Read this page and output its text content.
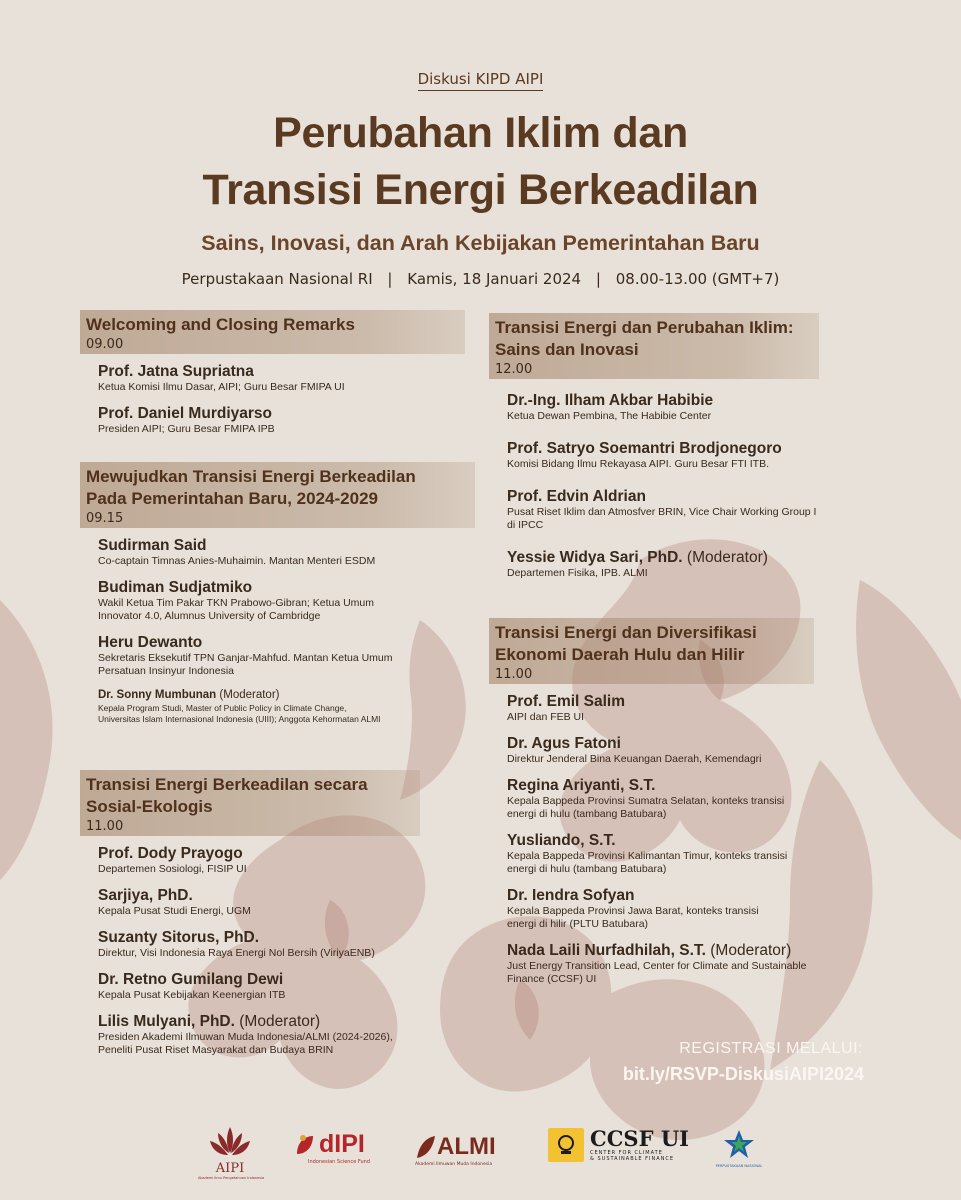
Diskusi KIPD AIPI
Perubahan Iklim dan
Transisi Energi Berkeadilan
Sains, Inovasi, dan Arah Kebijakan Pemerintahan Baru
Perpustakaan Nasional RI | Kamis, 18 Januari 2024 | 08.00-13.00 (GMT+7)
Welcoming and Closing Remarks
09.00
Prof. Jatna Supriatna
Ketua Komisi Ilmu Dasar, AIPI; Guru Besar FMIPA UI
Prof. Daniel Murdiyarso
Presiden AIPI; Guru Besar FMIPA IPB
Mewujudkan Transisi Energi Berkeadilan
Pada Pemerintahan Baru, 2024-2029
09.15
Sudirman Said
Co-captain Timnas Anies-Muhaimin. Mantan Menteri ESDM
Budiman Sudjatmiko
Wakil Ketua Tim Pakar TKN Prabowo-Gibran; Ketua Umum
Innovator 4.0, Alumnus University of Cambridge
Heru Dewanto
Sekretaris Eksekutif TPN Ganjar-Mahfud. Mantan Ketua Umum
Persatuan Insinyur Indonesia
Dr. Sonny Mumbunan (Moderator)
Kepala Program Studi, Master of Public Policy in Climate Change,
Universitas Islam Internasional Indonesia (UIII); Anggota Kehormatan ALMI
Transisi Energi Berkeadilan secara
Sosial-Ekologis
11.00
Prof. Dody Prayogo
Departemen Sosiologi, FISIP UI
Sarjiya, PhD.
Kepala Pusat Studi Energi, UGM
Suzanty Sitorus, PhD.
Direktur, Visi Indonesia Raya Energi Nol Bersih (ViriyaENB)
Dr. Retno Gumilang Dewi
Kepala Pusat Kebijakan Keenergian ITB
Lilis Mulyani, PhD. (Moderator)
Presiden Akademi Ilmuwan Muda Indonesia/ALMI (2024-2026),
Peneliti Pusat Riset Masyarakat dan Budaya BRIN
Transisi Energi dan Perubahan Iklim:
Sains dan Inovasi
12.00
Dr.-Ing. Ilham Akbar Habibie
Ketua Dewan Pembina, The Habibie Center
Prof. Satryo Soemantri Brodjonegoro
Komisi Bidang Ilmu Rekayasa AIPI. Guru Besar FTI ITB.
Prof. Edvin Aldrian
Pusat Riset Iklim dan Atmosfver BRIN, Vice Chair Working Group I
di IPCC
Yessie Widya Sari, PhD. (Moderator)
Departemen Fisika, IPB. ALMI
Transisi Energi dan Diversifikasi
Ekonomi Daerah Hulu dan Hilir
11.00
Prof. Emil Salim
AIPI dan FEB UI
Dr. Agus Fatoni
Direktur Jenderal Bina Keuangan Daerah, Kemendagri
Regina Ariyanti, S.T.
Kepala Bappeda Provinsi Sumatra Selatan, konteks transisi
energi di hulu (tambang Batubara)
Yusliando, S.T.
Kepala Bappeda Provinsi Kalimantan Timur, konteks transisi
energi di hulu (tambang Batubara)
Dr. Iendra Sofyan
Kepala Bappeda Provinsi Jawa Barat, konteks transisi
energi di hilir (PLTU Batubara)
Nada Laili Nurfadhilah, S.T. (Moderator)
Just Energy Transition Lead, Center for Climate and Sustainable
Finance (CCSF) UI
REGISTRASI MELALUI:
bit.ly/RSVP-DiskusiAIPI2024
AIPI
Akademi Ilmu Pengetahuan Indonesia
dIPI
Indonesian Science Fund
ALMI
Akademi Ilmuwan Muda Indonesia
CCSF UI
CENTER FOR CLIMATE
& SUSTAINABLE FINANCE
PERPUSTAKAAN NASIONAL
